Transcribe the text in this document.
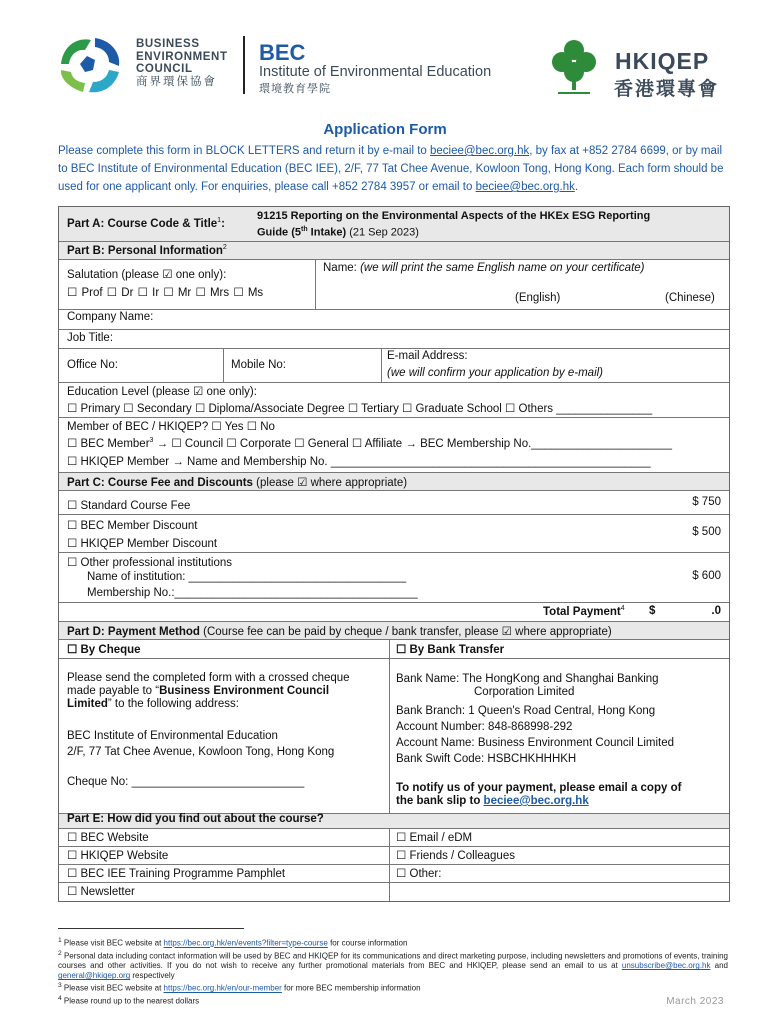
BUSINESS
ENVIRONMENT
COUNCIL
商界環保協會
BEC
Institute of Environmental Education
環境教育學院
HKIQEP
香港環專會
Application Form
Please complete this form in BLOCK LETTERS and return it by e-mail to beciee@bec.org.hk, by fax at +852 2784 6699, or by mail to BEC Institute of Environmental Education (BEC IEE), 2/F, 77 Tat Chee Avenue, Kowloon Tong, Hong Kong. Each form should be used for one applicant only. For enquiries, please call +852 2784 3957 or email to beciee@bec.org.hk.
Part A: Course Code & Title$^1$:
91215 Reporting on the Environmental Aspects of the HKEx ESG Reporting
Guide (5th Intake) (21 Sep 2023)
Part B: Personal Information$^2$
Salutation (please ☑ one only):
☐ Prof ☐ Dr ☐ Ir ☐ Mr ☐ Mrs ☐ Ms
Name: (we will print the same English name on your certificate)
(English)	(Chinese)
Company Name:
Job Title:
Office No:	Mobile No:
E-mail Address:
(we will confirm your application by e-mail)
Education Level (please ☑ one only):
☐ Primary ☐ Secondary ☐ Diploma/Associate Degree ☐ Tertiary ☐ Graduate School ☐ Others _______________
Member of BEC / HKIQEP? ☐ Yes ☐ No
☐ BEC Member$^3$ → ☐ Council ☐ Corporate ☐ General ☐ Affiliate → BEC Membership No.______________________
☐ HKIQEP Member → Name and Membership No. __________________________________________________
Part C: Course Fee and Discounts (please ☑ where appropriate)
☐ Standard Course Fee	$ 750
☐ BEC Member Discount
☐ HKIQEP Member Discount
$ 500
☐ Other professional institutions
Name of institution: __________________________________
Membership No.:______________________________________
$ 600
Total Payment$^4$ $	.0
Part D: Payment Method (Course fee can be paid by cheque / bank transfer, please ☑ where appropriate)
☐ By Cheque	☐ By Bank Transfer
Please send the completed form with a crossed cheque
made payable to “Business Environment Council
Limited” to the following address:
BEC Institute of Environmental Education
2/F, 77 Tat Chee Avenue, Kowloon Tong, Hong Kong
Cheque No: ___________________________
Bank Name: The HongKong and Shanghai Banking
Corporation Limited
Bank Branch: 1 Queen's Road Central, Hong Kong
Account Number: 848-868998-292
Account Name: Business Environment Council Limited
Bank Swift Code: HSBCHKHHHKH
To notify us of your payment, please email a copy of
the bank slip to beciee@bec.org.hk
Part E: How did you find out about the course?
☐ BEC Website	☐ Email / eDM
☐ HKIQEP Website	☐ Friends / Colleagues
☐ BEC IEE Training Programme Pamphlet	☐ Other:
☐ Newsletter
$^1$ Please visit BEC website at https://bec.org.hk/en/events?filter=type-course for course information
$^2$ Personal data including contact information will be used by BEC and HKIQEP for its communications and direct marketing purpose, including newsletters and promotions of events, training courses and other activities. If you do not wish to receive any further promotional materials from BEC and HKIQEP, please send an email to us at unsubscribe@bec.org.hk and general@hkiqep.org respectively
$^3$ Please visit BEC website at https://bec.org.hk/en/our-member for more BEC membership information
$^4$ Please round up to the nearest dollars	March 2023
